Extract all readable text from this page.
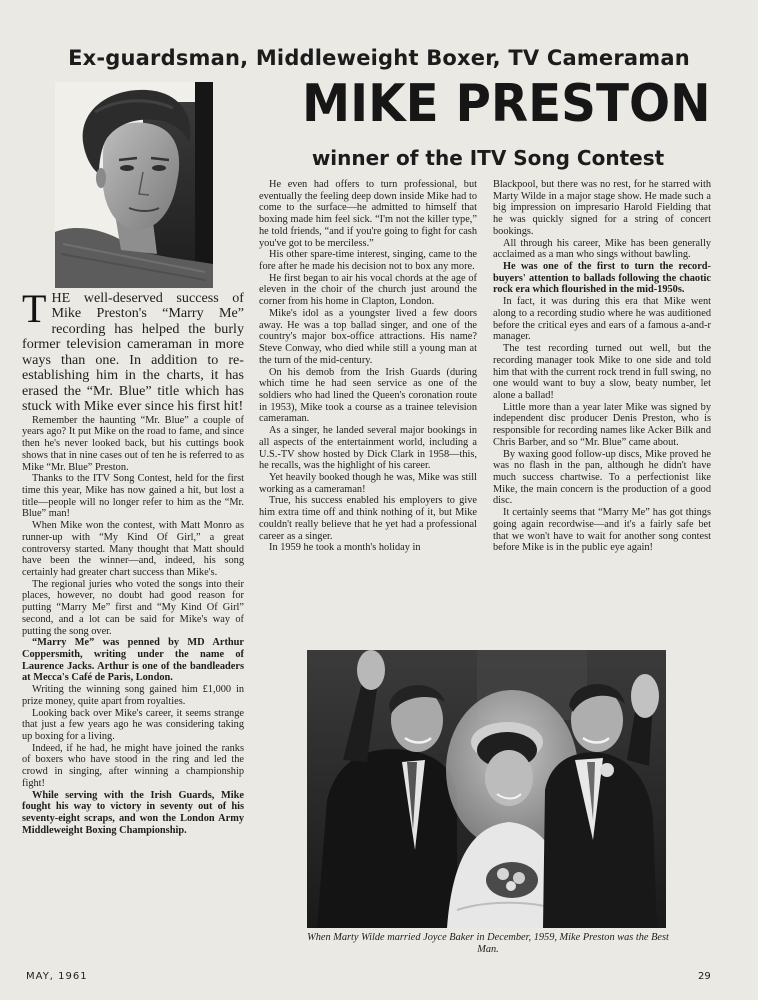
Ex-guardsman, Middleweight Boxer, TV Cameraman
MIKE PRESTON
winner of the ITV Song Contest

THE well-deserved success of Mike Preston's “Marry Me” recording has helped the burly former television cameraman in more ways than one. In addition to re-establishing him in the charts, it has erased the “Mr. Blue” title which has stuck with Mike ever since his first hit!

Remember the haunting “Mr. Blue” a couple of years ago? It put Mike on the road to fame, and since then he's never looked back, but his cuttings book shows that in nine cases out of ten he is referred to as Mike “Mr. Blue” Preston.

Thanks to the ITV Song Contest, held for the first time this year, Mike has now gained a hit, but lost a title—people will no longer refer to him as the “Mr. Blue” man!

When Mike won the contest, with Matt Monro as runner-up with “My Kind Of Girl,” a great controversy started. Many thought that Matt should have been the winner—and, indeed, his song certainly had greater chart success than Mike's.

The regional juries who voted the songs into their places, however, no doubt had good reason for putting “Marry Me” first and “My Kind Of Girl” second, and a lot can be said for Mike's way of putting the song over.

“Marry Me” was penned by MD Arthur Coppersmith, writing under the name of Laurence Jacks. Arthur is one of the bandleaders at Mecca's Café de Paris, London.

Writing the winning song gained him £1,000 in prize money, quite apart from royalties.

Looking back over Mike's career, it seems strange that just a few years ago he was considering taking up boxing for a living.

Indeed, if he had, he might have joined the ranks of boxers who have stood in the ring and led the crowd in singing, after winning a championship fight!

While serving with the Irish Guards, Mike fought his way to victory in seventy out of his seventy-eight scraps, and won the London Army Middleweight Boxing Championship.

He even had offers to turn professional, but eventually the feeling deep down inside Mike had to come to the surface—he admitted to himself that boxing made him feel sick. “I'm not the killer type,” he told friends, “and if you're going to fight for cash you've got to be merciless.”

His other spare-time interest, singing, came to the fore after he made his decision not to box any more.

He first began to air his vocal chords at the age of eleven in the choir of the church just around the corner from his home in Clapton, London.

Mike's idol as a youngster lived a few doors away. He was a top ballad singer, and one of the country's major box-office attractions. His name? Steve Conway, who died while still a young man at the turn of the mid-century.

On his demob from the Irish Guards (during which time he had seen service as one of the soldiers who had lined the Queen's coronation route in 1953), Mike took a course as a trainee television cameraman.

As a singer, he landed several major bookings in all aspects of the entertainment world, including a U.S.-TV show hosted by Dick Clark in 1958—this, he recalls, was the highlight of his career.

Yet heavily booked though he was, Mike was still working as a cameraman!

True, his success enabled his employers to give him extra time off and think nothing of it, but Mike couldn't really believe that he yet had a professional career as a singer.

In 1959 he took a month's holiday in

Blackpool, but there was no rest, for he starred with Marty Wilde in a major stage show. He made such a big impression on impresario Harold Fielding that he was quickly signed for a string of concert bookings.

All through his career, Mike has been generally acclaimed as a man who sings without bawling.

He was one of the first to turn the record-buyers' attention to ballads following the chaotic rock era which flourished in the mid-1950s.

In fact, it was during this era that Mike went along to a recording studio where he was auditioned before the critical eyes and ears of a famous a-and-r manager.

The test recording turned out well, but the recording manager took Mike to one side and told him that with the current rock trend in full swing, no one would want to buy a slow, beaty number, let alone a ballad!

Little more than a year later Mike was signed by independent disc producer Denis Preston, who is responsible for recording names like Acker Bilk and Chris Barber, and so “Mr. Blue” came about.

By waxing good follow-up discs, Mike proved he was no flash in the pan, although he didn't have much success chartwise. To a perfectionist like Mike, the main concern is the production of a good disc.

It certainly seems that “Marry Me” has got things going again recordwise—and it's a fairly safe bet that we won't have to wait for another song contest before Mike is in the public eye again!

When Marty Wilde married Joyce Baker in December, 1959, Mike Preston was the Best Man.
MAY, 1961	29
